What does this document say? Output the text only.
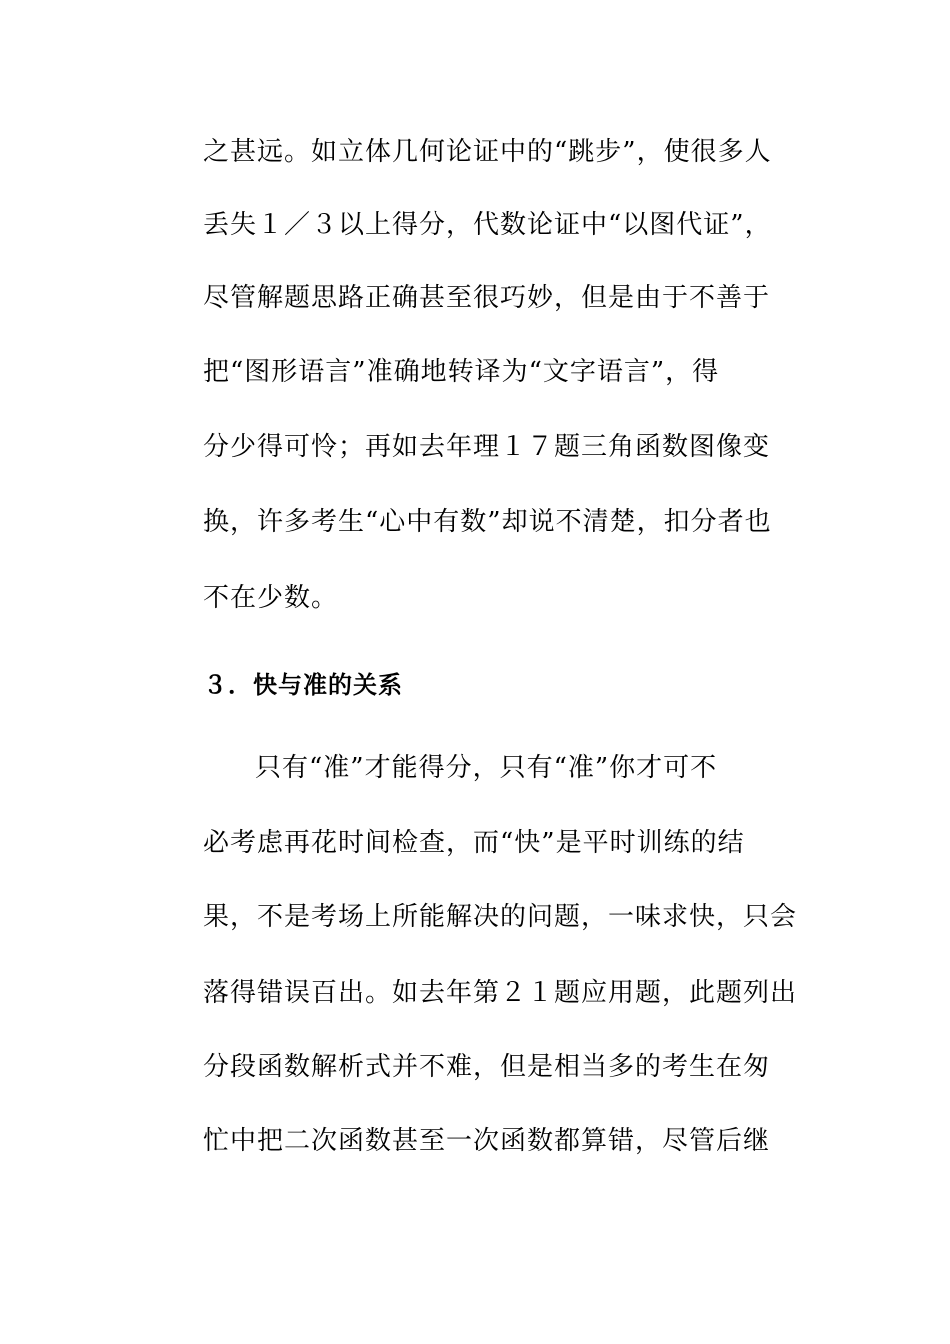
之甚远。如立体几何论证中的“跳步”，使很多人
丢失１／３以上得分，代数论证中“以图代证”，
尽管解题思路正确甚至很巧妙，但是由于不善于
把“图形语言”准确地转译为“文字语言”，得
分少得可怜；再如去年理１７题三角函数图像变
换，许多考生“心中有数”却说不清楚，扣分者也
不在少数。
３．快与准的关系
只有“准”才能得分，只有“准”你才可不
必考虑再花时间检查，而“快”是平时训练的结
果，不是考场上所能解决的问题，一味求快，只会
落得错误百出。如去年第２１题应用题，此题列出
分段函数解析式并不难，但是相当多的考生在匆
忙中把二次函数甚至一次函数都算错，尽管后继
